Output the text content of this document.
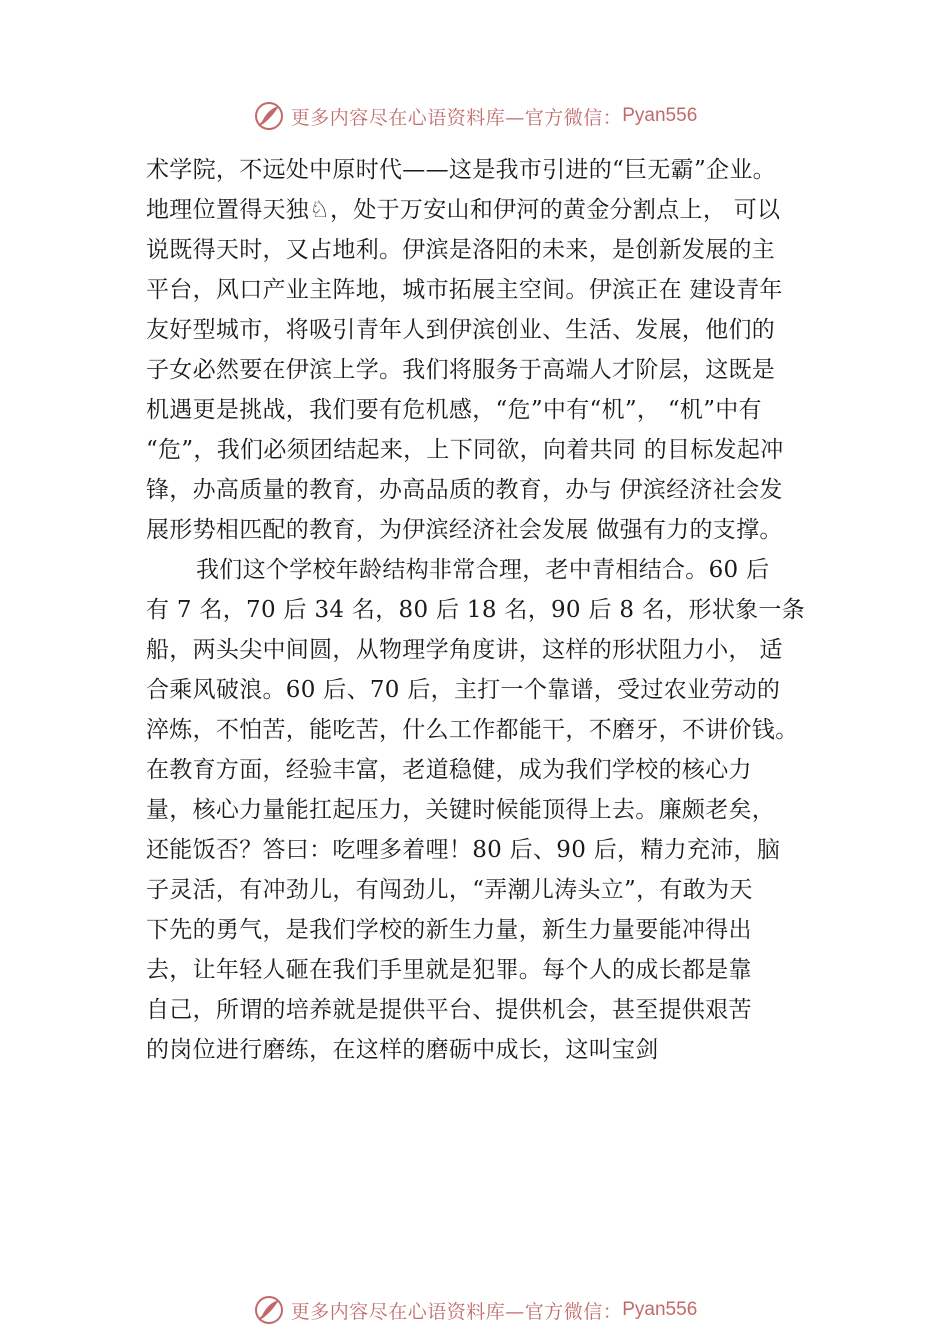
更多内容尽在心语资料库—官方微信： Pyan556
术学院，不远处中原时代——这是我市引进的“巨无霸”企业。
地理位置得天独♘，处于万安山和伊河的黄金分割点上， 可以
说既得天时，又占地利。伊滨是洛阳的未来，是创新发展的主
平台，风口产业主阵地，城市拓展主空间。伊滨正在 建设青年
友好型城市，将吸引青年人到伊滨创业、生活、发展，他们的
子女必然要在伊滨上学。我们将服务于高端人才阶层，这既是
机遇更是挑战，我们要有危机感，“危”中有“机”， “机”中有
“危”，我们必须团结起来，上下同欲，向着共同 的目标发起冲
锋，办高质量的教育，办高品质的教育，办与 伊滨经济社会发
展形势相匹配的教育，为伊滨经济社会发展 做强有力的支撑。
我们这个学校年龄结构非常合理，老中青相结合。60 后
有 7 名，70 后 34 名，80 后 18 名，90 后 8 名，形状象一条
船，两头尖中间圆，从物理学角度讲，这样的形状阻力小， 适
合乘风破浪。60 后、70 后，主打一个靠谱，受过农业劳动的
淬炼，不怕苦，能吃苦，什么工作都能干，不磨牙，不讲价钱。
在教育方面，经验丰富，老道稳健，成为我们学校的核心力
量，核心力量能扛起压力，关键时候能顶得上去。廉颇老矣，
还能饭否？答曰：吃哩多着哩！80 后、90 后，精力充沛，脑
子灵活，有冲劲儿，有闯劲儿，“弄潮儿涛头立”，有敢为天
下先的勇气，是我们学校的新生力量，新生力量要能冲得出
去，让年轻人砸在我们手里就是犯罪。每个人的成长都是靠
自己，所谓的培养就是提供平台、提供机会，甚至提供艰苦
的岗位进行磨练，在这样的磨砺中成长，这叫宝剑
更多内容尽在心语资料库—官方微信： Pyan556
